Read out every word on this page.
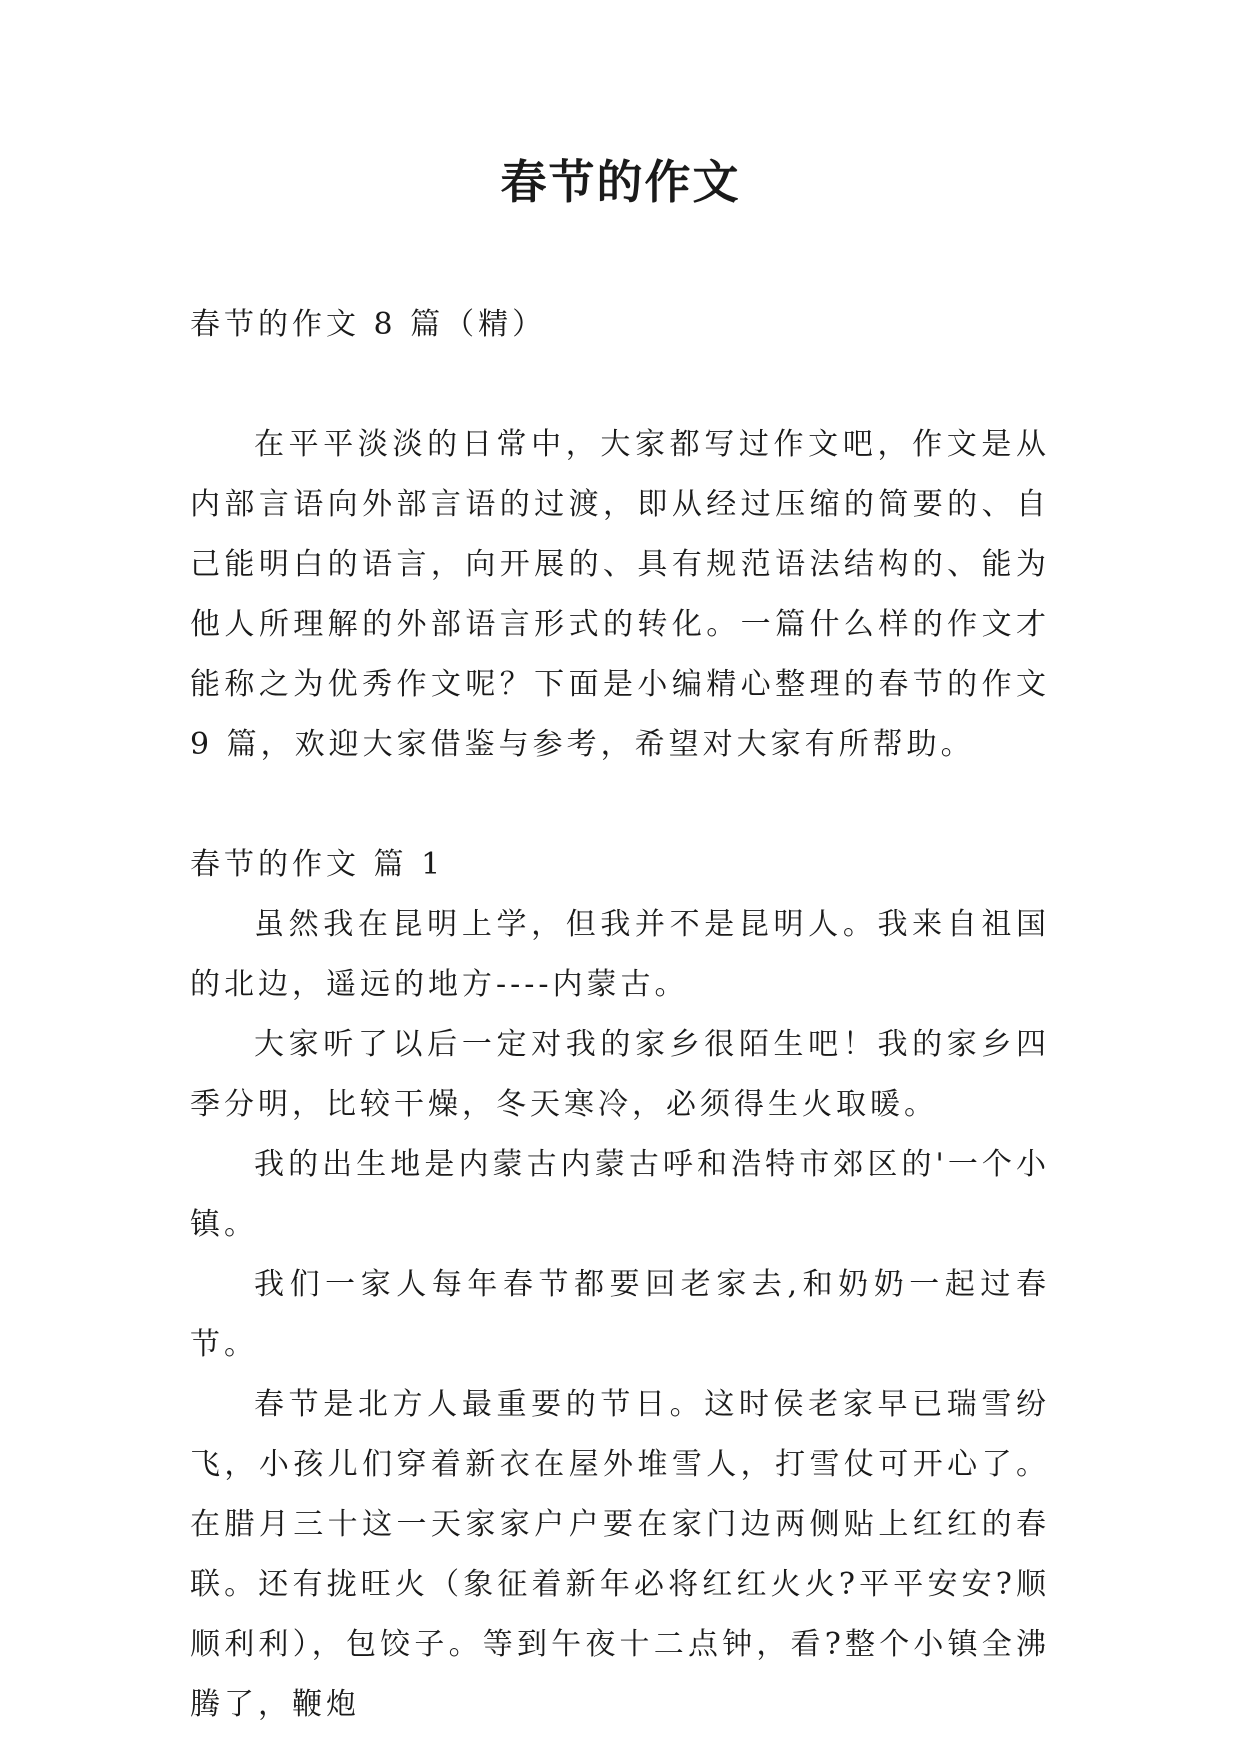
春节的作文

春节的作文 8 篇（精）

在平平淡淡的日常中，大家都写过作文吧，作文是从内部言语向外部言语的过渡，即从经过压缩的简要的、自己能明白的语言，向开展的、具有规范语法结构的、能为他人所理解的外部语言形式的转化。一篇什么样的作文才能称之为优秀作文呢？下面是小编精心整理的春节的作文 9 篇，欢迎大家借鉴与参考，希望对大家有所帮助。

春节的作文 篇 1

虽然我在昆明上学，但我并不是昆明人。我来自祖国的北边，遥远的地方----内蒙古。

大家听了以后一定对我的家乡很陌生吧！我的家乡四季分明，比较干燥，冬天寒冷，必须得生火取暖。

我的出生地是内蒙古内蒙古呼和浩特市郊区的'一个小镇。

我们一家人每年春节都要回老家去,和奶奶一起过春节。

春节是北方人最重要的节日。这时侯老家早已瑞雪纷飞，小孩儿们穿着新衣在屋外堆雪人，打雪仗可开心了。在腊月三十这一天家家户户要在家门边两侧贴上红红的春联。还有拢旺火（象征着新年必将红红火火?平平安安?顺顺利利），包饺子。等到午夜十二点钟，看?整个小镇全沸腾了，鞭炮
